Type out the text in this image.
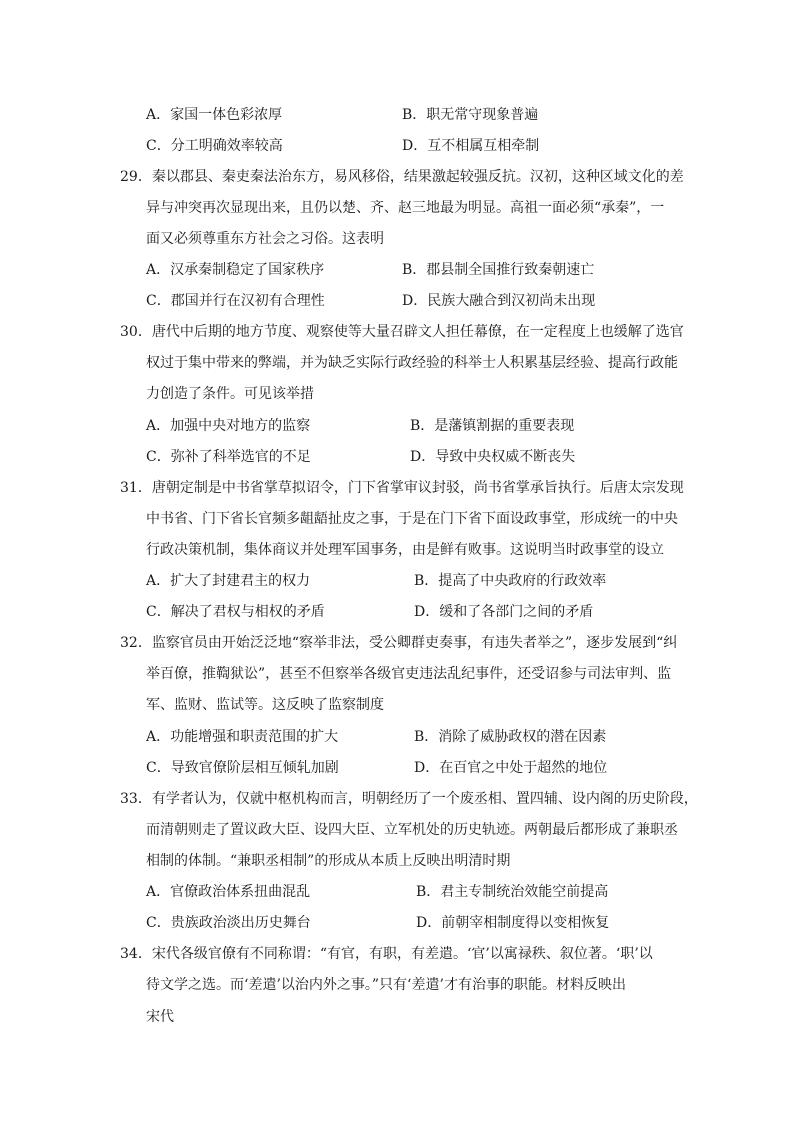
A．家国一体色彩浓厚	B．职无常守现象普遍
C．分工明确效率较高	D．互不相属互相牵制
29．秦以郡县、秦吏秦法治东方，易风移俗，结果激起较强反抗。汉初，这种区域文化的差
异与冲突再次显现出来，且仍以楚、齐、赵三地最为明显。高祖一面必须“承秦”，一
面又必须尊重东方社会之习俗。这表明
A．汉承秦制稳定了国家秩序	B．郡县制全国推行致秦朝速亡
C．郡国并行在汉初有合理性	D．民族大融合到汉初尚未出现
30．唐代中后期的地方节度、观察使等大量召辟文人担任幕僚，在一定程度上也缓解了选官
权过于集中带来的弊端，并为缺乏实际行政经验的科举士人积累基层经验、提高行政能
力创造了条件。可见该举措
A．加强中央对地方的监察	B．是藩镇割据的重要表现
C．弥补了科举选官的不足	D．导致中央权威不断丧失
31．唐朝定制是中书省掌草拟诏令，门下省掌审议封驳，尚书省掌承旨执行。后唐太宗发现
中书省、门下省长官频多龃龉扯皮之事，于是在门下省下面设政事堂，形成统一的中央
行政决策机制，集体商议并处理军国事务，由是鲜有败事。这说明当时政事堂的设立
A．扩大了封建君主的权力	B．提高了中央政府的行政效率
C．解决了君权与相权的矛盾	D．缓和了各部门之间的矛盾
32．监察官员由开始泛泛地“察举非法，受公卿群吏奏事，有违失者举之”，逐步发展到“纠
举百僚，推鞫狱讼”，甚至不但察举各级官吏违法乱纪事件，还受诏参与司法审判、监
军、监财、监试等。这反映了监察制度
A．功能增强和职责范围的扩大	B．消除了威胁政权的潜在因素
C．导致官僚阶层相互倾轧加剧	D．在百官之中处于超然的地位
33．有学者认为，仅就中枢机构而言，明朝经历了一个废丞相、置四辅、设内阁的历史阶段，
而清朝则走了置议政大臣、设四大臣、立军机处的历史轨迹。两朝最后都形成了兼职丞
相制的体制。“兼职丞相制”的形成从本质上反映出明清时期
A．官僚政治体系扭曲混乱	B．君主专制统治效能空前提高
C．贵族政治淡出历史舞台	D．前朝宰相制度得以变相恢复
34．宋代各级官僚有不同称谓：“有官，有职，有差遣。‘官’以寓禄秩、叙位著。‘职’以
待文学之选。而‘差遣’以治内外之事。”只有‘差遣’才有治事的职能。材料反映出
宋代
